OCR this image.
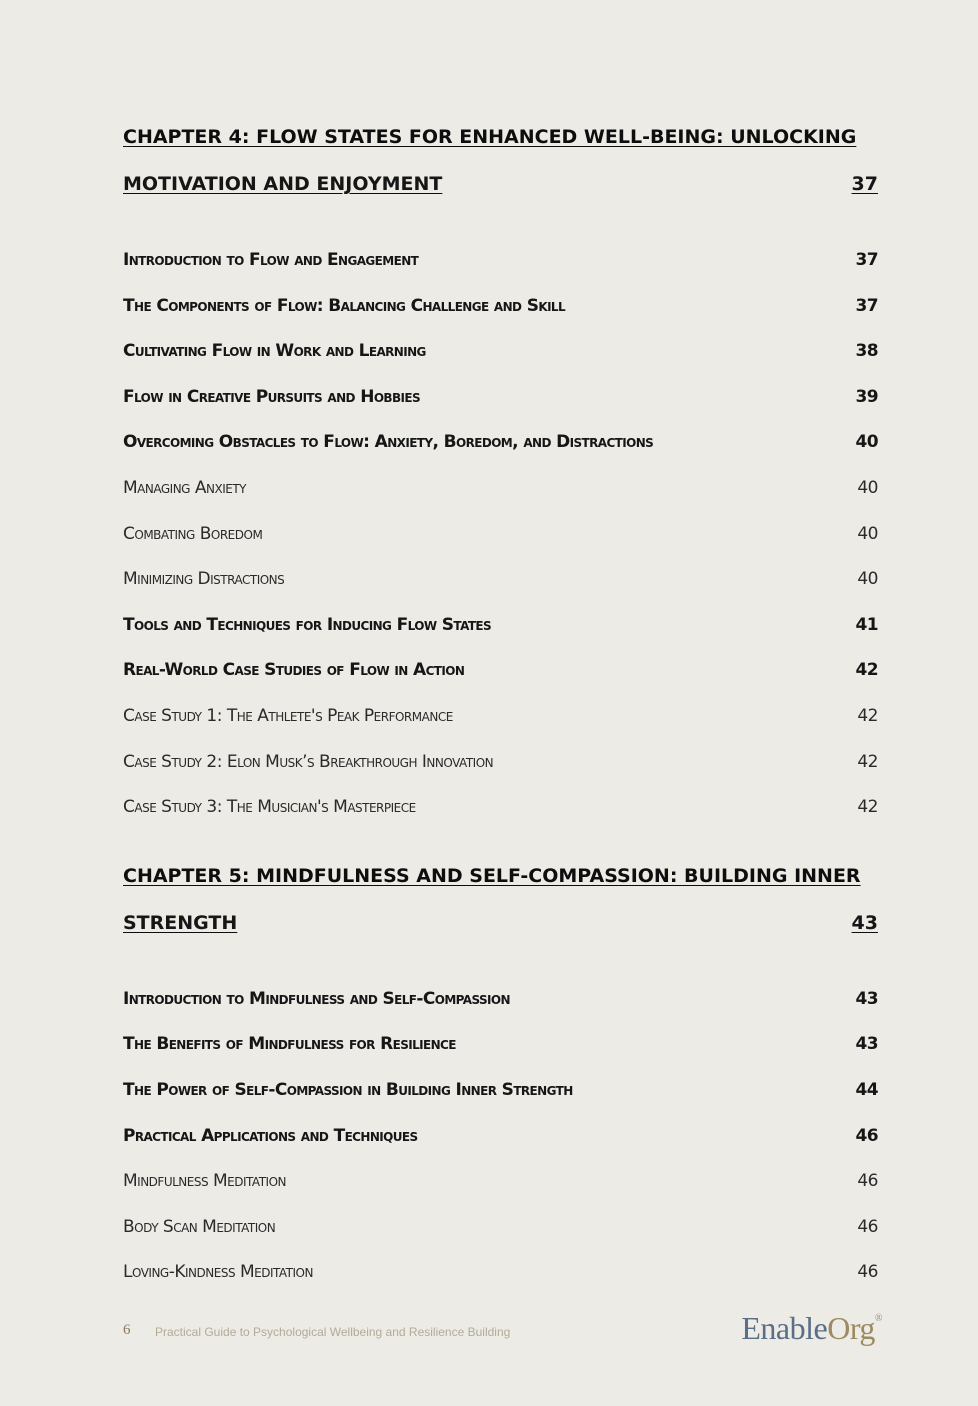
CHAPTER 4: FLOW STATES FOR ENHANCED WELL-BEING: UNLOCKING
MOTIVATION AND ENJOYMENT .....	37
Introduction to Flow and Engagement .....	37
The Components of Flow: Balancing Challenge and Skill .....	37
Cultivating Flow in Work and Learning .....	38
Flow in Creative Pursuits and Hobbies .....	39
Overcoming Obstacles to Flow: Anxiety, Boredom, and Distractions .....	40
Managing Anxiety .....	40
Combating Boredom .....	40
Minimizing Distractions .....	40
Tools and Techniques for Inducing Flow States .....	41
Real-World Case Studies of Flow in Action .....	42
Case Study 1: The Athlete's Peak Performance .....	42
Case Study 2: Elon Musk’s Breakthrough Innovation .....	42
Case Study 3: The Musician's Masterpiece .....	42
CHAPTER 5: MINDFULNESS AND SELF-COMPASSION: BUILDING INNER
STRENGTH .....	43
Introduction to Mindfulness and Self-Compassion .....	43
The Benefits of Mindfulness for Resilience .....	43
The Power of Self-Compassion in Building Inner Strength .....	44
Practical Applications and Techniques .....	46
Mindfulness Meditation .....	46
Body Scan Meditation .....	46
Loving-Kindness Meditation .....	46
6 Practical Guide to Psychological Wellbeing and Resilience Building	EnableOrg®
